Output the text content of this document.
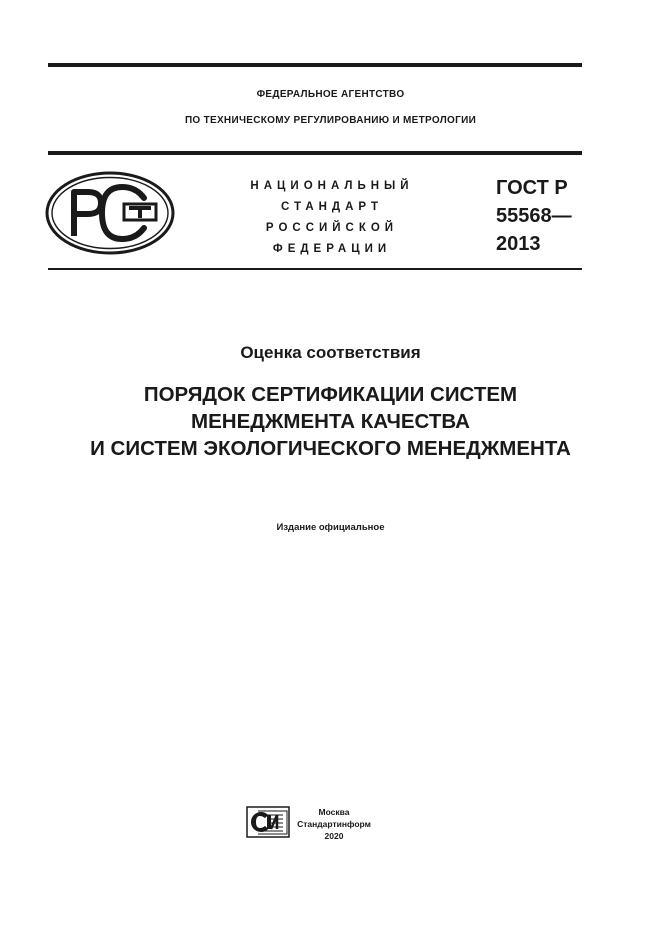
ФЕДЕРАЛЬНОЕ АГЕНТСТВО
ПО ТЕХНИЧЕСКОМУ РЕГУЛИРОВАНИЮ И МЕТРОЛОГИИ
НАЦИОНАЛЬНЫЙ
СТАНДАРТ
РОССИЙСКОЙ
ФЕДЕРАЦИИ
ГОСТ Р
55568—
2013
Оценка соответствия
ПОРЯДОК СЕРТИФИКАЦИИ СИСТЕМ
МЕНЕДЖМЕНТА КАЧЕСТВА
И СИСТЕМ ЭКОЛОГИЧЕСКОГО МЕНЕДЖМЕНТА
Издание официальное
Москва
Стандартинформ
2020
